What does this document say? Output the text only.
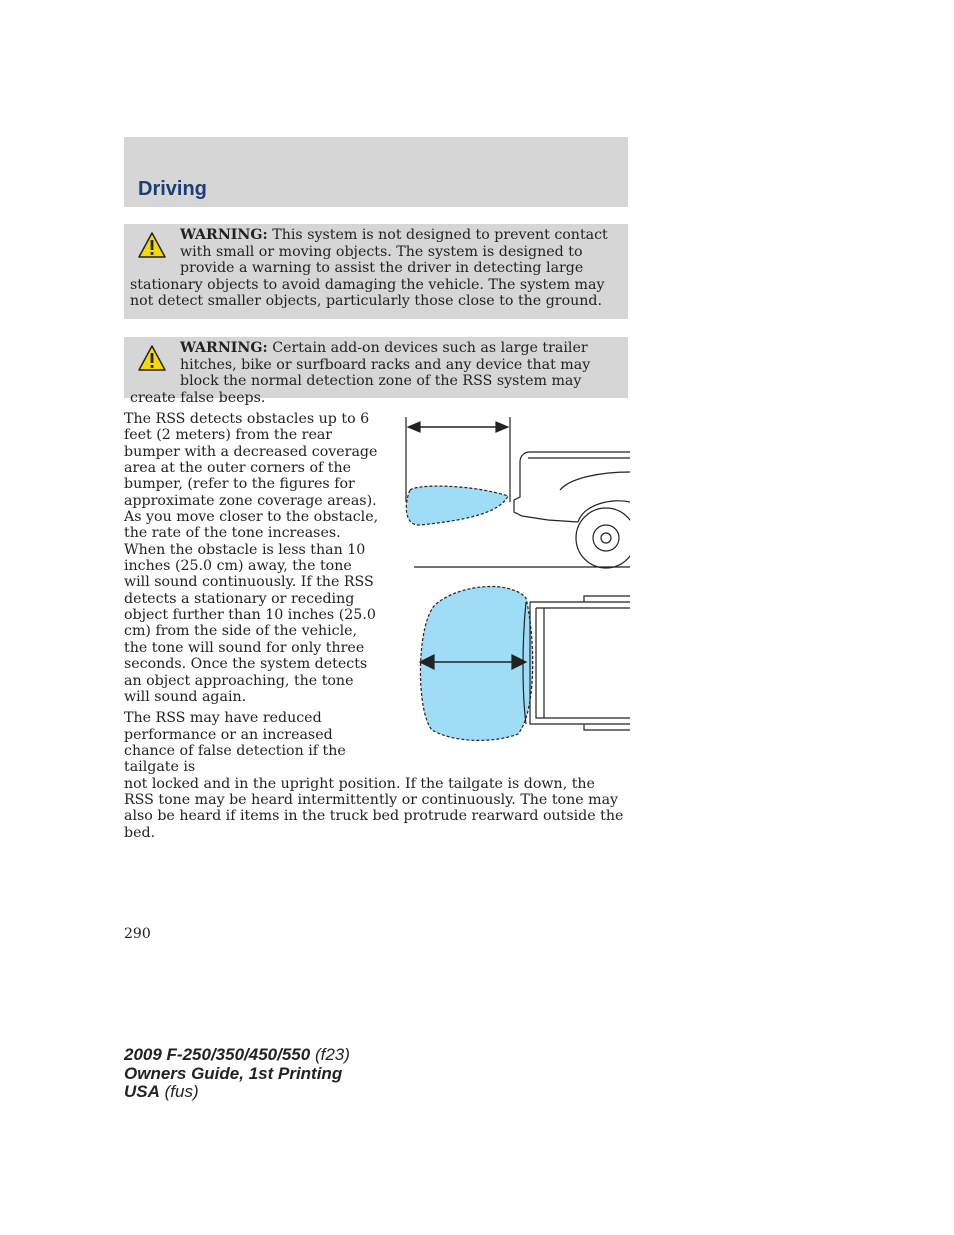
Driving
WARNING: This system is not designed to prevent contact with small or moving objects. The system is designed to provide a warning to assist the driver in detecting large stationary objects to avoid damaging the vehicle. The system may not detect smaller objects, particularly those close to the ground.
WARNING: Certain add-on devices such as large trailer hitches, bike or surfboard racks and any device that may block the normal detection zone of the RSS system may create false beeps.

The RSS detects obstacles up to 6 feet (2 meters) from the rear bumper with a decreased coverage area at the outer corners of the bumper, (refer to the figures for approximate zone coverage areas). As you move closer to the obstacle, the rate of the tone increases. When the obstacle is less than 10 inches (25.0 cm) away, the tone will sound continuously. If the RSS detects a stationary or receding object further than 10 inches (25.0 cm) from the side of the vehicle, the tone will sound for only three seconds. Once the system detects an object approaching, the tone will sound again.

The RSS may have reduced performance or an increased chance of false detection if the tailgate is

not locked and in the upright position. If the tailgate is down, the RSS tone may be heard intermittently or continuously. The tone may also be heard if items in the truck bed protrude rearward outside the bed.

290
2009 F-250/350/450/550 (f23)
Owners Guide, 1st Printing
USA (fus)
